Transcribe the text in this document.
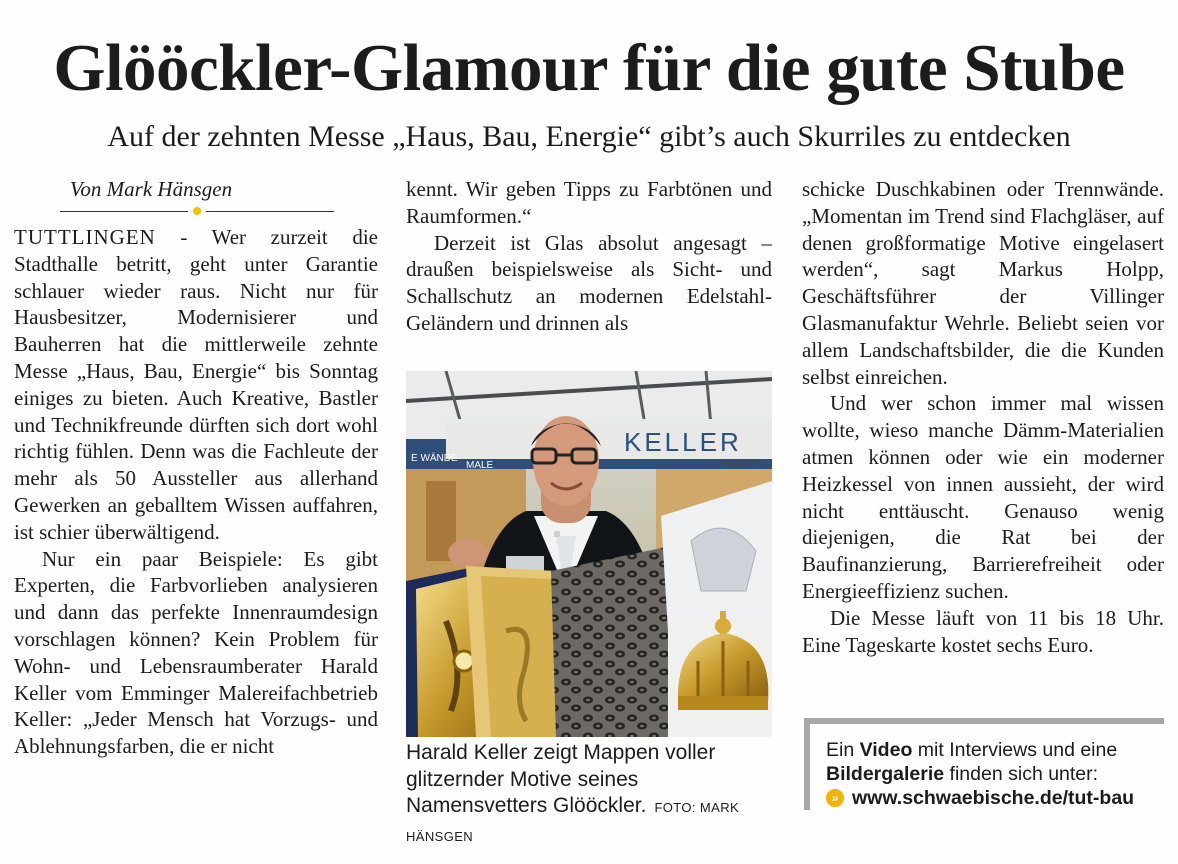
Glööckler-Glamour für die gute Stube
Auf der zehnten Messe „Haus, Bau, Energie“ gibt’s auch Skurriles zu entdecken
Von Mark Hänsgen

TUTTLINGEN - Wer zurzeit die Stadthalle betritt, geht unter Garantie schlauer wieder raus. Nicht nur für Hausbesitzer, Modernisierer und Bauherren hat die mittlerweile zehnte Messe „Haus, Bau, Energie“ bis Sonntag einiges zu bieten. Auch Kreative, Bastler und Technikfreunde dürften sich dort wohl richtig fühlen. Denn was die Fachleute der mehr als 50 Aussteller aus allerhand Gewerken an geballtem Wissen auffahren, ist schier überwältigend.

Nur ein paar Beispiele: Es gibt Experten, die Farbvorlieben analysieren und dann das perfekte Innenraumdesign vorschlagen können? Kein Problem für Wohn- und Lebensraumberater Harald Keller vom Emminger Malereifachbetrieb Keller: „Jeder Mensch hat Vorzugs- und Ablehnungsfarben, die er nicht

kennt. Wir geben Tipps zu Farbtönen und Raumformen.“

Derzeit ist Glas absolut angesagt – draußen beispielsweise als Sicht- und Schallschutz an modernen Edelstahl-Geländern und drinnen als

E WÄNDE
MALE
KELLER
COLOR &
Harald Keller zeigt Mappen voller glitzernder Motive seines Namensvetters Glööckler. FOTO: MARK HÄNSGEN

schicke Duschkabinen oder Trennwände. „Momentan im Trend sind Flachgläser, auf denen großformatige Motive eingelasert werden“, sagt Markus Holpp, Geschäftsführer der Villinger Glasmanufaktur Wehrle. Beliebt seien vor allem Landschaftsbilder, die die Kunden selbst einreichen.

Und wer schon immer mal wissen wollte, wieso manche Dämm-Materialien atmen können oder wie ein moderner Heizkessel von innen aussieht, der wird nicht enttäuscht. Genauso wenig diejenigen, die Rat bei der Baufinanzierung, Barrierefreiheit oder Energieeffizienz suchen.

Die Messe läuft von 11 bis 18 Uhr. Eine Tageskarte kostet sechs Euro.

Ein Video mit Interviews und eine
Bildergalerie finden sich unter:
» www.schwaebische.de/tut-bau
